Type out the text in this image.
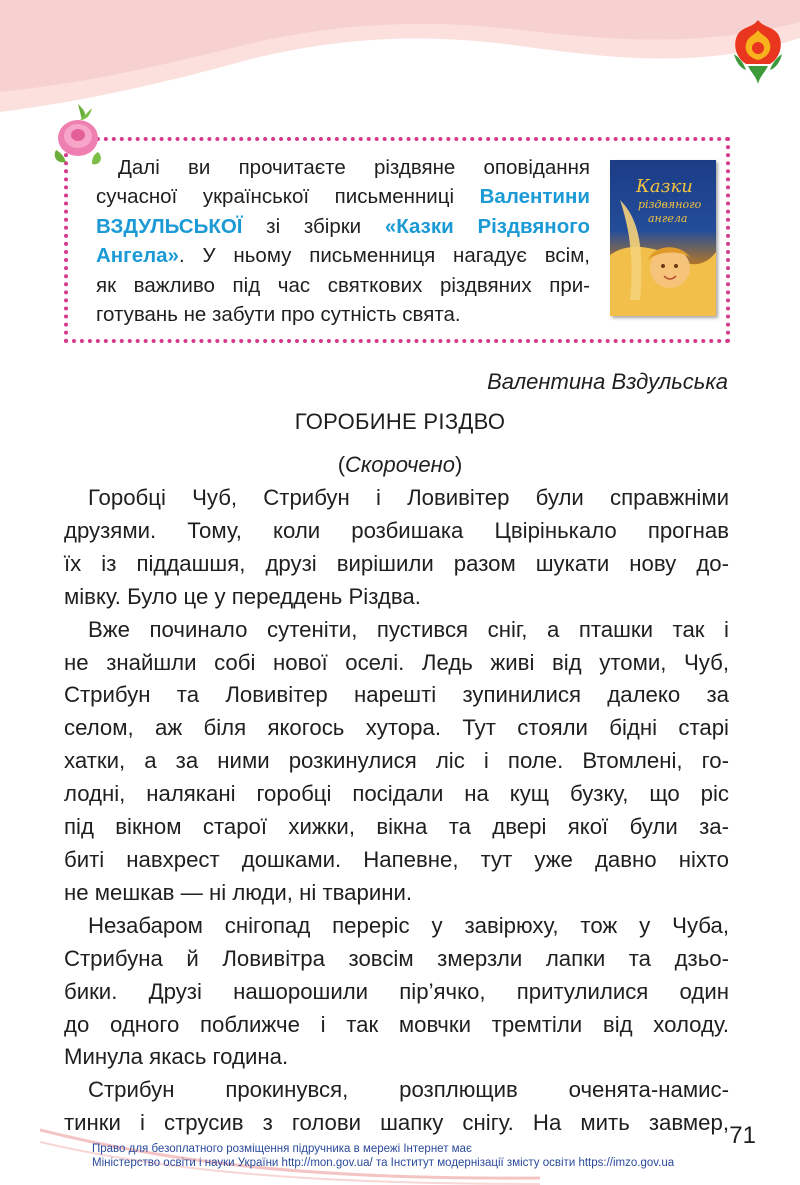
Далі ви прочитаєте різдвяне оповідання
сучасної української письменниці Валентини
ВЗДУЛЬСЬКОЇ зі збірки «Казки Різдвяного
Ангела». У ньому письменниця нагадує всім,
як важливо під час святкових різдвяних при-
готувань не забути про сутність свята.

Казки
різдвяного
ангела

Валентина Вздульська

ГОРОБИНЕ РІЗДВО

(Скорочено)

Горобці Чуб, Стрибун і Ловивітер були справжніми
друзями. Тому, коли розбишака Цвірінькало прогнав
їх із піддашшя, друзі вирішили разом шукати нову до-
мівку. Було це у переддень Різдва.
Вже починало сутеніти, пустився сніг, а пташки так і
не знайшли собі нової оселі. Ледь живі від утоми, Чуб,
Стрибун та Ловивітер нарешті зупинилися далеко за
селом, аж біля якогось хутора. Тут стояли бідні старі
хатки, а за ними розкинулися ліс і поле. Втомлені, го-
лодні, налякані горобці посідали на кущ бузку, що ріс
під вікном старої хижки, вікна та двері якої були за-
биті навхрест дошками. Напевне, тут уже давно ніхто
не мешкав — ні люди, ні тварини.
Незабаром снігопад переріс у завірюху, тож у Чуба,
Стрибуна й Ловивітра зовсім змерзли лапки та дзьо-
бики. Друзі нашорошили пір’ячко, притулилися один
до одного поближче і так мовчки тремтіли від холоду.
Минула якась година.
Стрибун прокинувся, розплющив оченята-намис-
тинки і струсив з голови шапку снігу. На мить завмер, 71

Право для безоплатного розміщення підручника в мережі Інтернет має
Міністерство освіти і науки України http://mon.gov.ua/ та Інститут модернізації змісту освіти https://imzo.gov.ua
